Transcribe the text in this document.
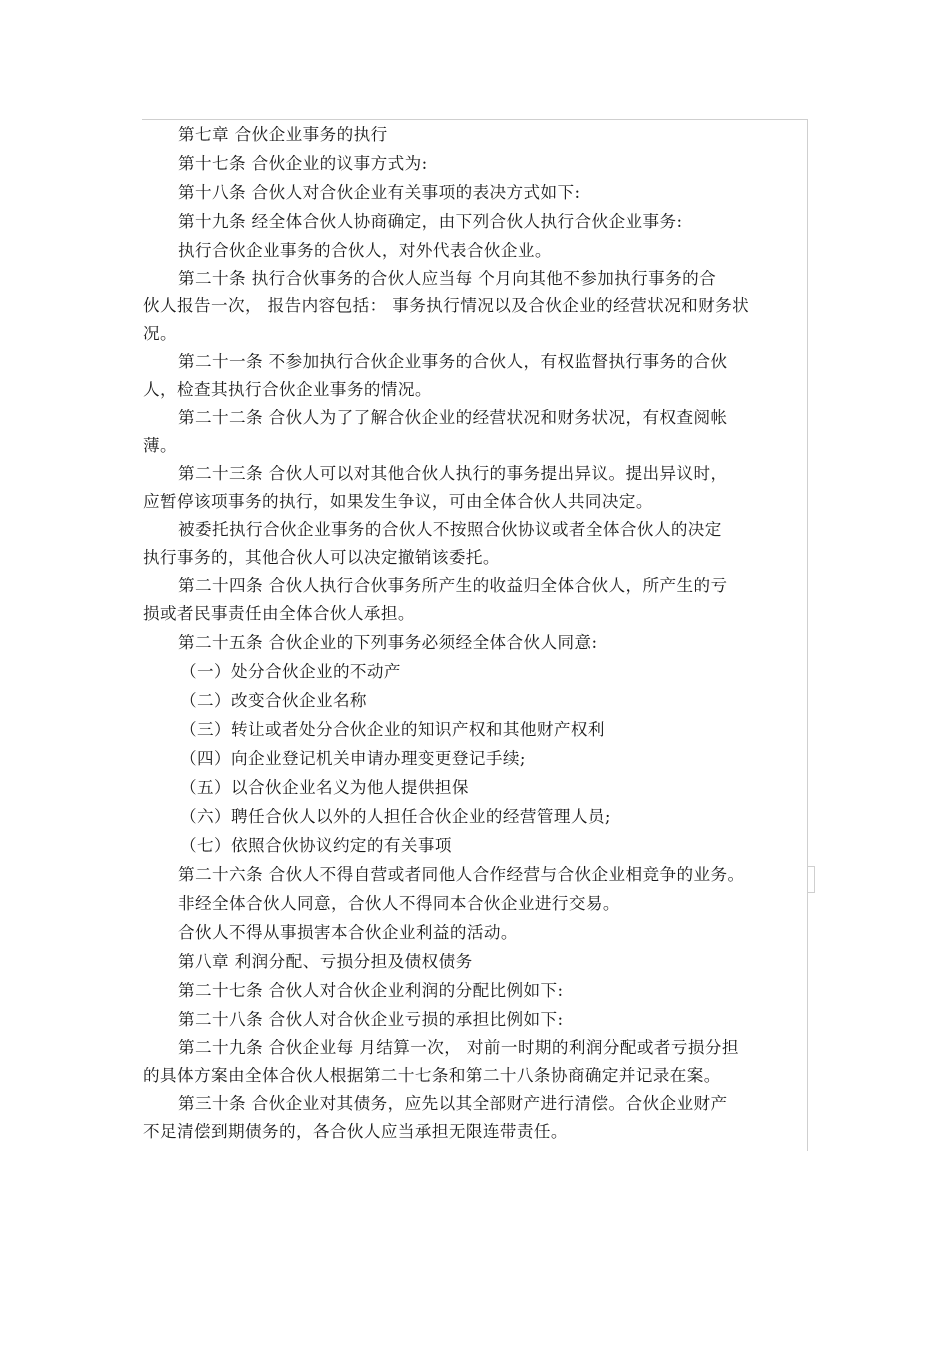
第七章 合伙企业事务的执行

第十七条 合伙企业的议事方式为:

第十八条 合伙人对合伙企业有关事项的表决方式如下:

第十九条 经全体合伙人协商确定，由下列合伙人执行合伙企业事务:

执行合伙企业事务的合伙人，对外代表合伙企业。

第二十条 执行合伙事务的合伙人应当每 个月向其他不参加执行事务的合

伙人报告一次， 报告内容包括： 事务执行情况以及合伙企业的经营状况和财务状

况。

第二十一条 不参加执行合伙企业事务的合伙人，有权监督执行事务的合伙

人，检查其执行合伙企业事务的情况。

第二十二条 合伙人为了了解合伙企业的经营状况和财务状况，有权查阅帐

薄。

第二十三条 合伙人可以对其他合伙人执行的事务提出异议。提出异议时，

应暂停该项事务的执行，如果发生争议，可由全体合伙人共同决定。

被委托执行合伙企业事务的合伙人不按照合伙协议或者全体合伙人的决定

执行事务的，其他合伙人可以决定撤销该委托。

第二十四条 合伙人执行合伙事务所产生的收益归全体合伙人，所产生的亏

损或者民事责任由全体合伙人承担。

第二十五条 合伙企业的下列事务必须经全体合伙人同意:

（一）处分合伙企业的不动产

（二）改变合伙企业名称

（三）转让或者处分合伙企业的知识产权和其他财产权利

（四）向企业登记机关申请办理变更登记手续;

（五）以合伙企业名义为他人提供担保

（六）聘任合伙人以外的人担任合伙企业的经营管理人员;

（七）依照合伙协议约定的有关事项

第二十六条 合伙人不得自营或者同他人合作经营与合伙企业相竞争的业务。

非经全体合伙人同意，合伙人不得同本合伙企业进行交易。

合伙人不得从事损害本合伙企业利益的活动。

第八章 利润分配、亏损分担及债权债务

第二十七条 合伙人对合伙企业利润的分配比例如下:

第二十八条 合伙人对合伙企业亏损的承担比例如下:

第二十九条 合伙企业每 月结算一次， 对前一时期的利润分配或者亏损分担

的具体方案由全体合伙人根据第二十七条和第二十八条协商确定并记录在案。

第三十条 合伙企业对其债务，应先以其全部财产进行清偿。合伙企业财产

不足清偿到期债务的，各合伙人应当承担无限连带责任。
